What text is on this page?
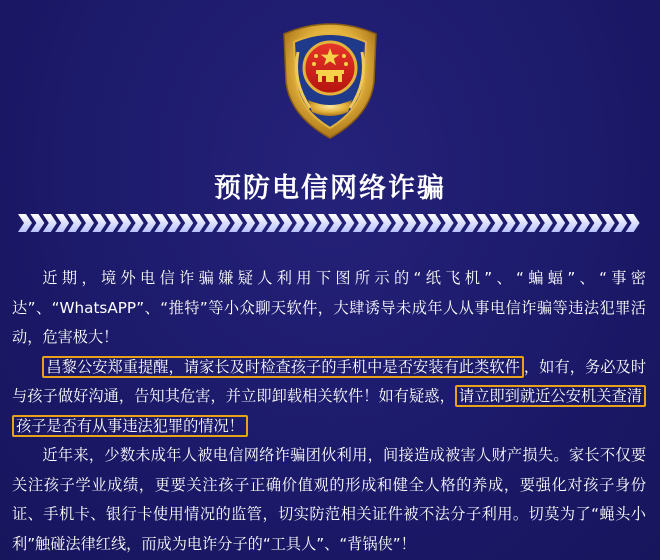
预防电信网络诈骗

近期，境外电信诈骗嫌疑人利用下图所示的“纸飞机”、“蝙蝠”、“事密达”、“WhatsAPP”、“推特”等小众聊天软件，大肆诱导未成年人从事电信诈骗等违法犯罪活动，危害极大！

昌黎公安郑重提醒，请家长及时检查孩子的手机中是否安装有此类软件 ，如有，务必及时与孩子做好沟通，告知其危害，并立即卸载相关软件！如有疑惑， 请立即到就近公安机关查清孩子是否有从事违法犯罪的情况！

近年来，少数未成年人被电信网络诈骗团伙利用，间接造成被害人财产损失。家长不仅要关注孩子学业成绩，更要关注孩子正确价值观的形成和健全人格的养成，要强化对孩子身份证、手机卡、银行卡使用情况的监管，切实防范相关证件被不法分子利用。切莫为了“蝇头小利”触碰法律红线，而成为电诈分子的“工具人”、“背锅侠”！
